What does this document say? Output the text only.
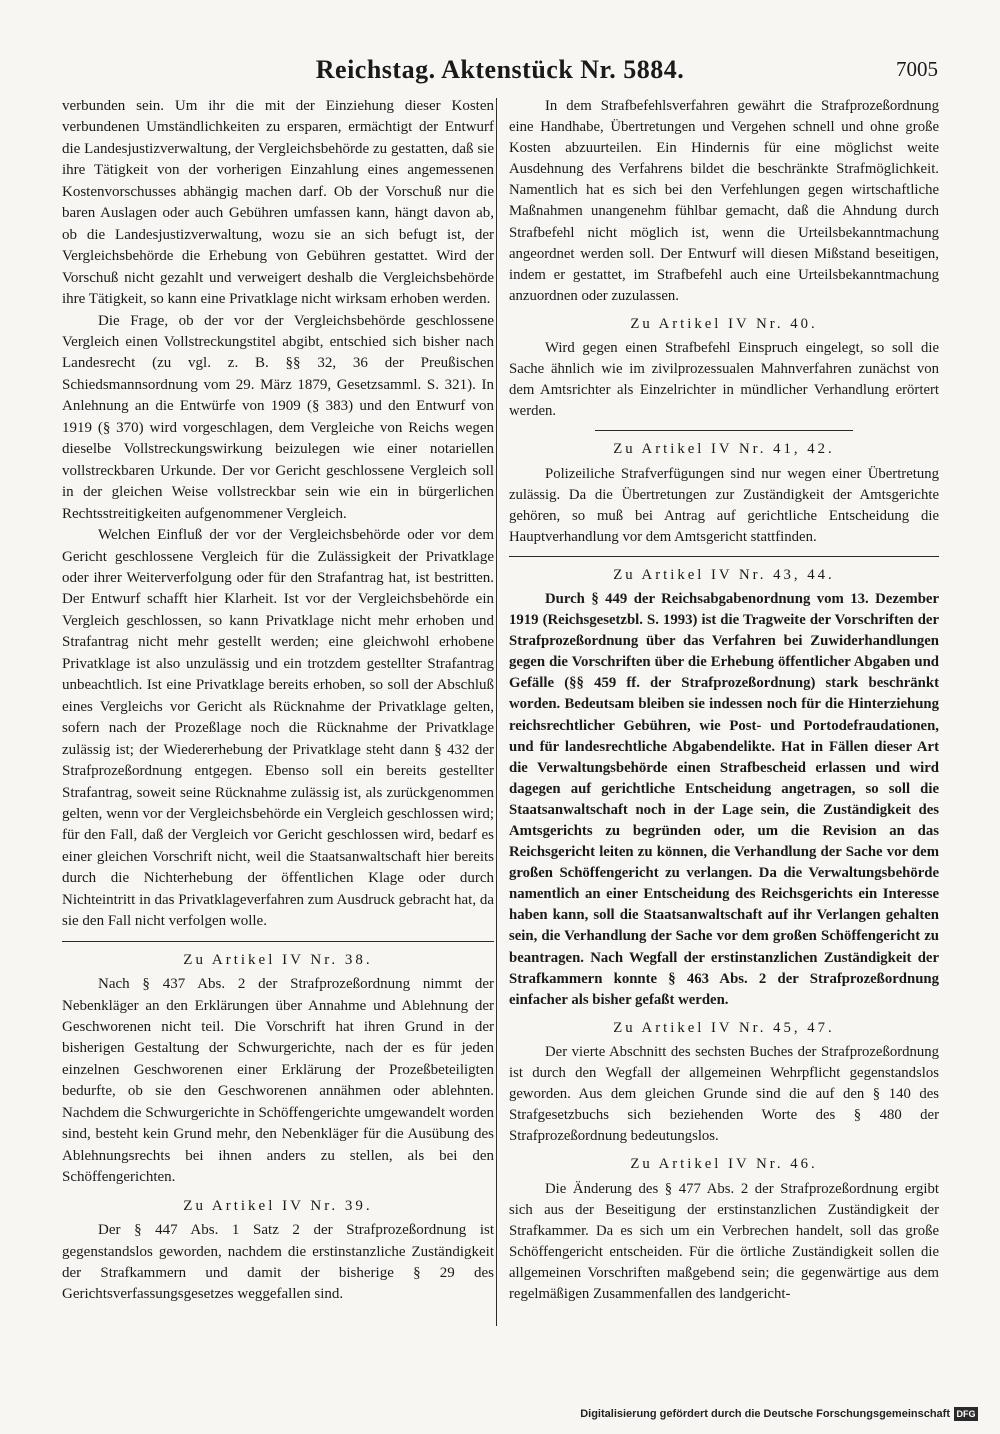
Reichstag. Aktenstück Nr. 5884.	7005

verbunden sein. Um ihr die mit der Einziehung dieser Kosten verbundenen Umständlichkeiten zu ersparen, ermächtigt der Entwurf die Landesjustizverwaltung, der Vergleichsbehörde zu gestatten, daß sie ihre Tätigkeit von der vorherigen Einzahlung eines angemessenen Kostenvorschusses abhängig machen darf. Ob der Vorschuß nur die baren Auslagen oder auch Gebühren umfassen kann, hängt davon ab, ob die Landesjustizverwaltung, wozu sie an sich befugt ist, der Vergleichsbehörde die Erhebung von Gebühren gestattet. Wird der Vorschuß nicht gezahlt und verweigert deshalb die Vergleichsbehörde ihre Tätigkeit, so kann eine Privatklage nicht wirksam erhoben werden.

Die Frage, ob der vor der Vergleichsbehörde geschlossene Vergleich einen Vollstreckungstitel abgibt, entschied sich bisher nach Landesrecht (zu vgl. z. B. §§ 32, 36 der Preußischen Schiedsmannsordnung vom 29. März 1879, Gesetzsamml. S. 321). In Anlehnung an die Entwürfe von 1909 (§ 383) und den Entwurf von 1919 (§ 370) wird vorgeschlagen, dem Vergleiche von Reichs wegen dieselbe Vollstreckungswirkung beizulegen wie einer notariellen vollstreckbaren Urkunde. Der vor Gericht geschlossene Vergleich soll in der gleichen Weise vollstreckbar sein wie ein in bürgerlichen Rechtsstreitigkeiten aufgenommener Vergleich.

Welchen Einfluß der vor der Vergleichsbehörde oder vor dem Gericht geschlossene Vergleich für die Zulässigkeit der Privatklage oder ihrer Weiterverfolgung oder für den Strafantrag hat, ist bestritten. Der Entwurf schafft hier Klarheit. Ist vor der Vergleichsbehörde ein Vergleich geschlossen, so kann Privatklage nicht mehr erhoben und Strafantrag nicht mehr gestellt werden; eine gleichwohl erhobene Privatklage ist also unzulässig und ein trotzdem gestellter Strafantrag unbeachtlich. Ist eine Privatklage bereits erhoben, so soll der Abschluß eines Vergleichs vor Gericht als Rücknahme der Privatklage gelten, sofern nach der Prozeßlage noch die Rücknahme der Privatklage zulässig ist; der Wiedererhebung der Privatklage steht dann § 432 der Strafprozeßordnung entgegen. Ebenso soll ein bereits gestellter Strafantrag, soweit seine Rücknahme zulässig ist, als zurückgenommen gelten, wenn vor der Vergleichsbehörde ein Vergleich geschlossen wird; für den Fall, daß der Vergleich vor Gericht geschlossen wird, bedarf es einer gleichen Vorschrift nicht, weil die Staatsanwaltschaft hier bereits durch die Nichterhebung der öffentlichen Klage oder durch Nichteintritt in das Privatklageverfahren zum Ausdruck gebracht hat, da sie den Fall nicht verfolgen wolle.

Zu Artikel IV Nr. 38.

Nach § 437 Abs. 2 der Strafprozeßordnung nimmt der Nebenkläger an den Erklärungen über Annahme und Ablehnung der Geschworenen nicht teil. Die Vorschrift hat ihren Grund in der bisherigen Gestaltung der Schwurgerichte, nach der es für jeden einzelnen Geschworenen einer Erklärung der Prozeßbeteiligten bedurfte, ob sie den Geschworenen annähmen oder ablehnten. Nachdem die Schwurgerichte in Schöffengerichte umgewandelt worden sind, besteht kein Grund mehr, den Nebenkläger für die Ausübung des Ablehnungsrechts bei ihnen anders zu stellen, als bei den Schöffengerichten.

Zu Artikel IV Nr. 39.

Der § 447 Abs. 1 Satz 2 der Strafprozeßordnung ist gegenstandslos geworden, nachdem die erstinstanzliche Zuständigkeit der Strafkammern und damit der bisherige § 29 des Gerichtsverfassungsgesetzes weggefallen sind.

In dem Strafbefehlsverfahren gewährt die Strafprozeßordnung eine Handhabe, Übertretungen und Vergehen schnell und ohne große Kosten abzuurteilen. Ein Hindernis für eine möglichst weite Ausdehnung des Verfahrens bildet die beschränkte Strafmöglichkeit. Namentlich hat es sich bei den Verfehlungen gegen wirtschaftliche Maßnahmen unangenehm fühlbar gemacht, daß die Ahndung durch Strafbefehl nicht möglich ist, wenn die Urteilsbekanntmachung angeordnet werden soll. Der Entwurf will diesen Mißstand beseitigen, indem er gestattet, im Strafbefehl auch eine Urteilsbekanntmachung anzuordnen oder zuzulassen.

Zu Artikel IV Nr. 40.

Wird gegen einen Strafbefehl Einspruch eingelegt, so soll die Sache ähnlich wie im zivilprozessualen Mahnverfahren zunächst von dem Amtsrichter als Einzelrichter in mündlicher Verhandlung erörtert werden.

Zu Artikel IV Nr. 41, 42.

Polizeiliche Strafverfügungen sind nur wegen einer Übertretung zulässig. Da die Übertretungen zur Zuständigkeit der Amtsgerichte gehören, so muß bei Antrag auf gerichtliche Entscheidung die Hauptverhandlung vor dem Amtsgericht stattfinden.

Zu Artikel IV Nr. 43, 44.

Durch § 449 der Reichsabgabenordnung vom 13. Dezember 1919 (Reichsgesetzbl. S. 1993) ist die Tragweite der Vorschriften der Strafprozeßordnung über das Verfahren bei Zuwiderhandlungen gegen die Vorschriften über die Erhebung öffentlicher Abgaben und Gefälle (§§ 459 ff. der Strafprozeßordnung) stark beschränkt worden. Bedeutsam bleiben sie indessen noch für die Hinterziehung reichsrechtlicher Gebühren, wie Post- und Portodefraudationen, und für landesrechtliche Abgabendelikte. Hat in Fällen dieser Art die Verwaltungsbehörde einen Strafbescheid erlassen und wird dagegen auf gerichtliche Entscheidung angetragen, so soll die Staatsanwaltschaft noch in der Lage sein, die Zuständigkeit des Amtsgerichts zu begründen oder, um die Revision an das Reichsgericht leiten zu können, die Verhandlung der Sache vor dem großen Schöffengericht zu verlangen. Da die Verwaltungsbehörde namentlich an einer Entscheidung des Reichsgerichts ein Interesse haben kann, soll die Staatsanwaltschaft auf ihr Verlangen gehalten sein, die Verhandlung der Sache vor dem großen Schöffengericht zu beantragen. Nach Wegfall der erstinstanzlichen Zuständigkeit der Strafkammern konnte § 463 Abs. 2 der Strafprozeßordnung einfacher als bisher gefaßt werden.

Zu Artikel IV Nr. 45, 47.

Der vierte Abschnitt des sechsten Buches der Strafprozeßordnung ist durch den Wegfall der allgemeinen Wehrpflicht gegenstandslos geworden. Aus dem gleichen Grunde sind die auf den § 140 des Strafgesetzbuchs sich beziehenden Worte des § 480 der Strafprozeßordnung bedeutungslos.

Zu Artikel IV Nr. 46.

Die Änderung des § 477 Abs. 2 der Strafprozeßordnung ergibt sich aus der Beseitigung der erstinstanzlichen Zuständigkeit der Strafkammer. Da es sich um ein Verbrechen handelt, soll das große Schöffengericht entscheiden. Für die örtliche Zuständigkeit sollen die allgemeinen Vorschriften maßgebend sein; die gegenwärtige aus dem regelmäßigen Zusammenfallen des landgericht-

Digitalisierung gefördert durch die Deutsche Forschungsgemeinschaft DFG
